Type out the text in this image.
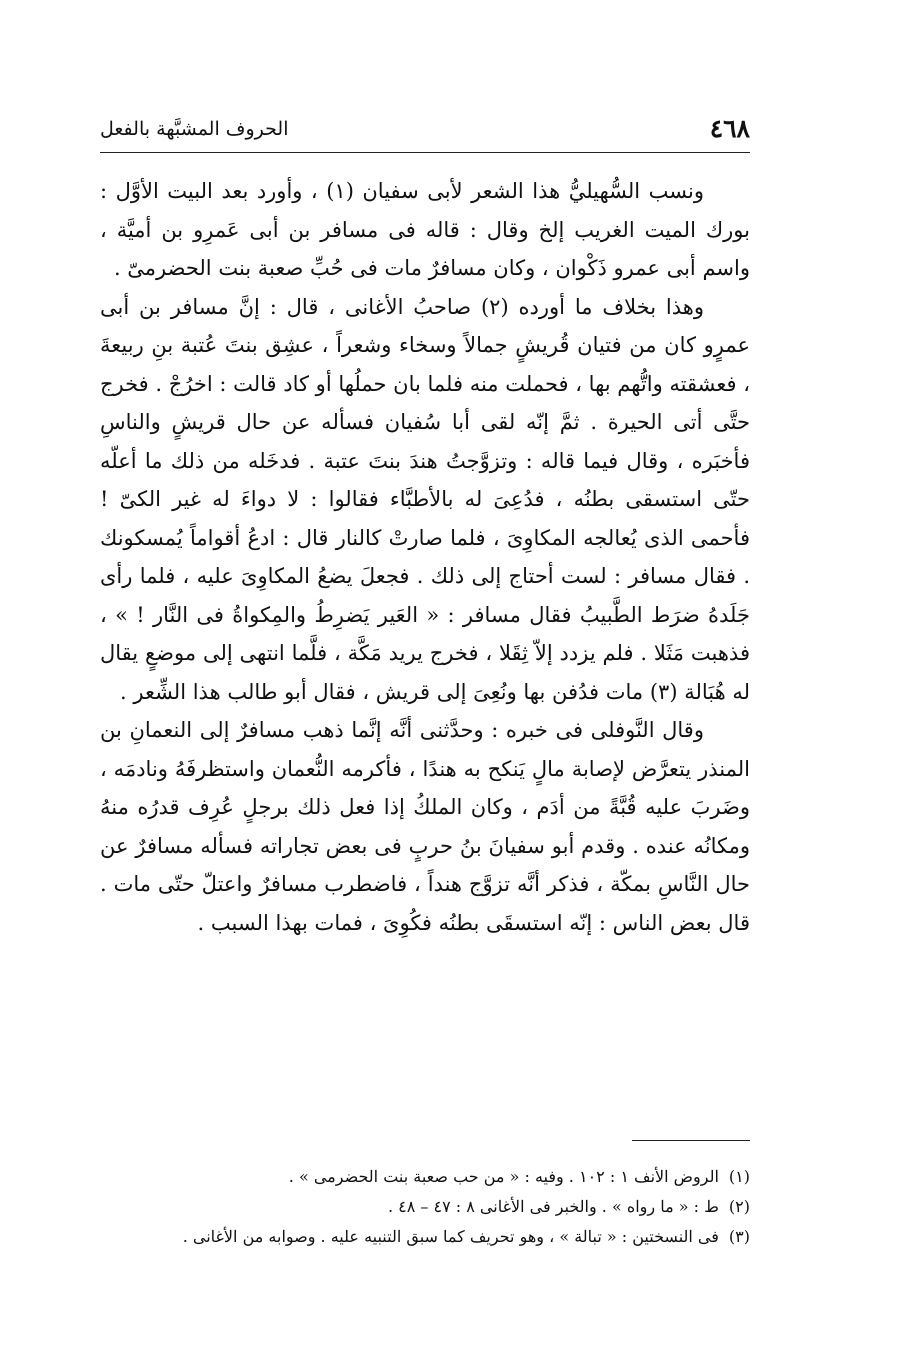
٤٦٨
الحروف المشبَّهة بالفعل

ونسب السُّهيليُّ هذا الشعر لأبى سفيان (١) ، وأورد بعد البيت الأوَّل : بورك الميت الغريب إلخ وقال : قاله فى مسافر بن أبى عَمرِو بن أميَّة ، واسم أبى عمرو ذَكْوان ، وكان مسافرٌ مات فى حُبِّ صعبة بنت الحضرمىّ .

وهذا بخلاف ما أورده (٢) صاحبُ الأغانى ، قال : إنَّ مسافر بن أبى عمرٍو كان من فتيان قُريشٍ جمالاً وسخاء وشعراً ، عشِق بنتَ عُتبة بنِ ربيعةَ ، فعشقته واتُّهم بها ، فحملت منه فلما بان حملُها أو كاد قالت : اخرُجْ . فخرج حتَّى أتى الحيرة . ثمَّ إنّه لقى أبا سُفيان فسأله عن حال قريشٍ والناسِ فأخبَره ، وقال فيما قاله : وتزوَّجتُ هندَ بنتَ عتبة . فدخَله من ذلك ما أعلّه حتّى استسقى بطنُه ، فدُعِىَ له بالأطبَّاء فقالوا : لا دواءَ له غير الكىّ ! فأحمى الذى يُعالجه المكاوِىَ ، فلما صارتْ كالنار قال : ادعُ أقواماً يُمسكونك . فقال مسافر : لست أحتاج إلى ذلك . فجعلَ يضعُ المكاوِىَ عليه ، فلما رأى جَلَدهُ ضرَط الطَّبيبُ فقال مسافر : « العَير يَضرِطُ والمِكواةُ فى النَّار ! » ، فذهبت مَثَلا . فلم يزدد إلاّ ثِقَلا ، فخرج يريد مَكَّة ، فلَّما انتهى إلى موضعٍ يقال له هُبَالة (٣) مات فدُفن بها ونُعِىَ إلى قريش ، فقال أبو طالب هذا الشِّعر .

وقال النَّوفلى فى خبره : وحدَّثنى أنَّه إنَّما ذهب مسافرٌ إلى النعمانِ بن المنذر يتعرَّض لإصابة مالٍ يَنكح به هندًا ، فأكرمه النُّعمان واستظرفَهُ ونادمَه ، وضَربَ عليه قُبَّةً من أدَم ، وكان الملكُ إذا فعل ذلك برجلٍ عُرِف قدرُه منهُ ومكانُه عنده . وقدم أبو سفيانَ بنُ حربٍ فى بعض تجاراته فسأله مسافرٌ عن حال النَّاسِ بمكّة ، فذكر أنَّه تزوَّج هنداً ، فاضطرب مسافرٌ واعتلّ حتّى مات . قال بعض الناس : إنّه استسقَى بطنُه فكُوِىَ ، فمات بهذا السبب .

(١)الروض الأنف ١ : ١٠٢ . وفيه : « من حب صعبة بنت الحضرمى » .

(٢)ط : « ما رواه » . والخبر فى الأغانى ٨ : ٤٧ – ٤٨ .

(٣)فى النسختين : « تبالة » ، وهو تحريف كما سبق التنبيه عليه . وصوابه من الأغانى .
